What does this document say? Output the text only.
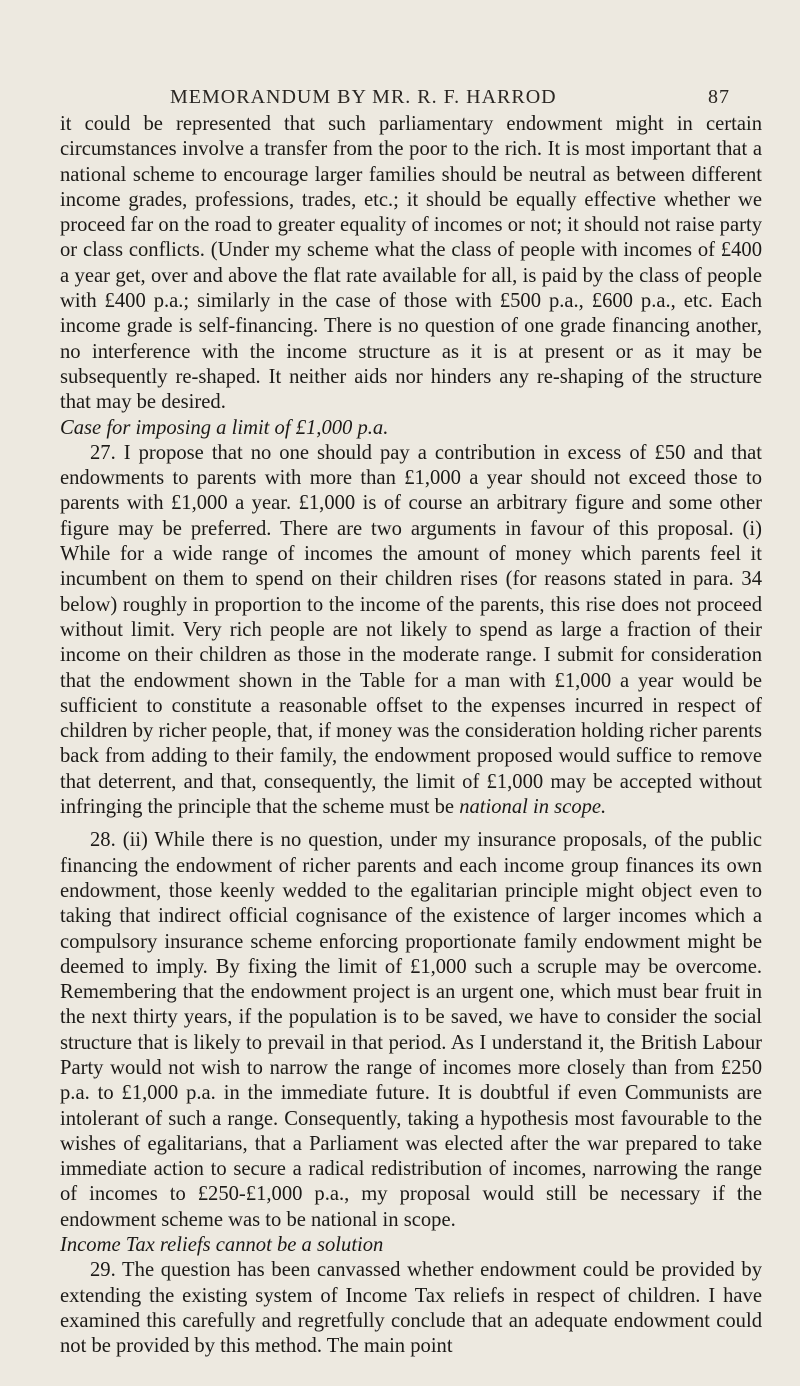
MEMORANDUM BY MR. R. F. HARROD	87

it could be represented that such parliamentary endowment might in certain circumstances involve a transfer from the poor to the rich. It is most important that a national scheme to encourage larger families should be neutral as between different income grades, professions, trades, etc.; it should be equally effective whether we proceed far on the road to greater equality of incomes or not; it should not raise party or class conflicts. (Under my scheme what the class of people with incomes of £400 a year get, over and above the flat rate available for all, is paid by the class of people with £400 p.a.; similarly in the case of those with £500 p.a., £600 p.a., etc. Each income grade is self-financing. There is no question of one grade financing another, no interference with the income structure as it is at present or as it may be subsequently re-shaped. It neither aids nor hinders any re-shaping of the structure that may be desired.

Case for imposing a limit of £1,000 p.a.

27. I propose that no one should pay a contribution in excess of £50 and that endowments to parents with more than £1,000 a year should not exceed those to parents with £1,000 a year. £1,000 is of course an arbitrary figure and some other figure may be preferred. There are two arguments in favour of this proposal. (i) While for a wide range of incomes the amount of money which parents feel it incumbent on them to spend on their children rises (for reasons stated in para. 34 below) roughly in proportion to the income of the parents, this rise does not proceed without limit. Very rich people are not likely to spend as large a fraction of their income on their children as those in the moderate range. I submit for consideration that the endowment shown in the Table for a man with £1,000 a year would be sufficient to constitute a reasonable offset to the expenses incurred in respect of children by richer people, that, if money was the consideration holding richer parents back from adding to their family, the endowment proposed would suffice to remove that deterrent, and that, consequently, the limit of £1,000 may be accepted without infringing the principle that the scheme must be national in scope.

28. (ii) While there is no question, under my insurance proposals, of the public financing the endowment of richer parents and each income group finances its own endowment, those keenly wedded to the egalitarian principle might object even to taking that indirect official cognisance of the existence of larger incomes which a compulsory insurance scheme enforcing proportionate family endowment might be deemed to imply. By fixing the limit of £1,000 such a scruple may be overcome. Remembering that the endowment project is an urgent one, which must bear fruit in the next thirty years, if the population is to be saved, we have to consider the social structure that is likely to prevail in that period. As I understand it, the British Labour Party would not wish to narrow the range of incomes more closely than from £250 p.a. to £1,000 p.a. in the immediate future. It is doubtful if even Communists are intolerant of such a range. Consequently, taking a hypothesis most favourable to the wishes of egalitarians, that a Parliament was elected after the war prepared to take immediate action to secure a radical redistribution of incomes, narrowing the range of incomes to £250-£1,000 p.a., my proposal would still be necessary if the endowment scheme was to be national in scope.

Income Tax reliefs cannot be a solution

29. The question has been canvassed whether endowment could be provided by extending the existing system of Income Tax reliefs in respect of children. I have examined this carefully and regretfully conclude that an adequate endowment could not be provided by this method. The main point
